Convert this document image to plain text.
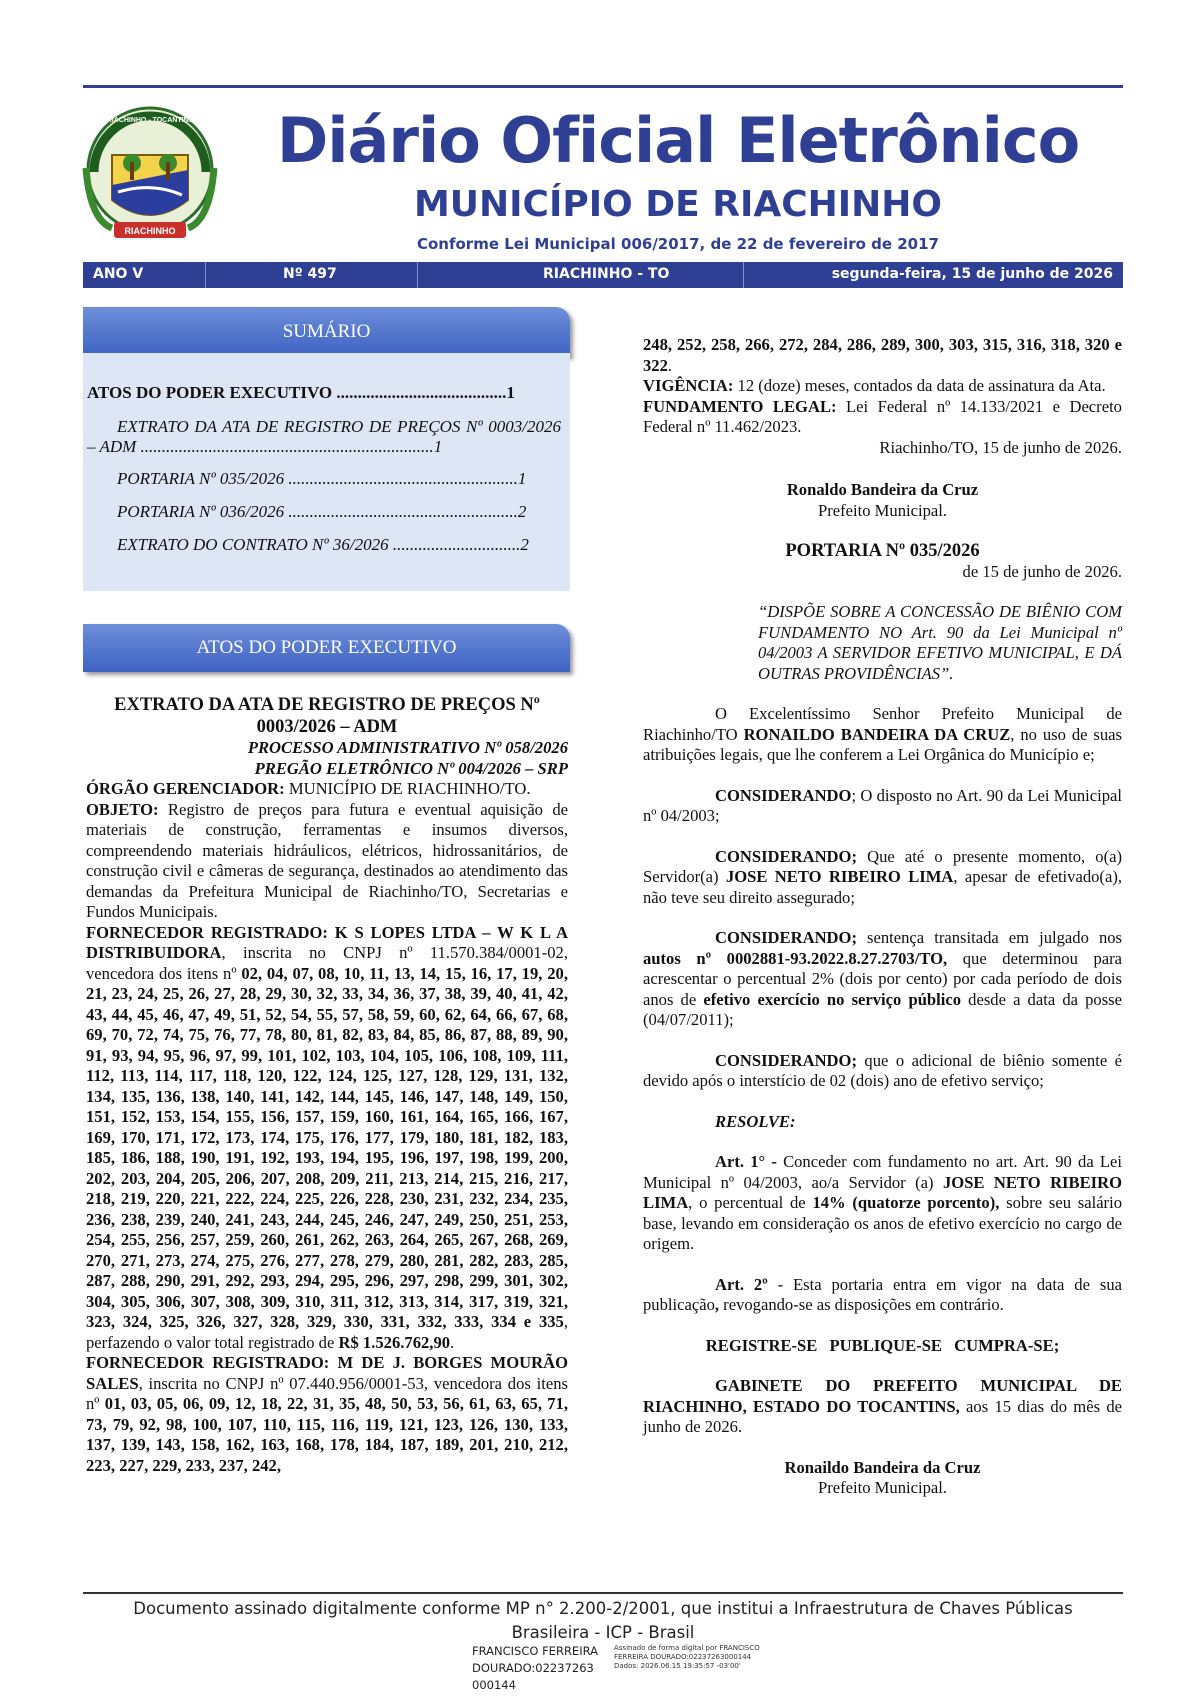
RIACHINHO
RIACHINHO - TOCANTINS	Diário Oficial Eletrônico
MUNICÍPIO DE RIACHINHO
Conforme Lei Municipal 006/2017, de 22 de fevereiro de 2017
ANO V	Nº 497	RIACHINHO - TO	segunda-feira, 15 de junho de 2026
SUMÁRIO
ATOS DO PODER EXECUTIVO ........................................1
EXTRATO DA ATA DE REGISTRO DE PREÇOS Nº 0003/2026 – ADM .....................................................................1
PORTARIA Nº 035/2026 ......................................................1
PORTARIA Nº 036/2026 ......................................................2
EXTRATO DO CONTRATO Nº 36/2026 ..............................2
ATOS DO PODER EXECUTIVO

EXTRATO DA ATA DE REGISTRO DE PREÇOS Nº 0003/2026 – ADM

PROCESSO ADMINISTRATIVO Nº 058/2026

PREGÃO ELETRÔNICO Nº 004/2026 – SRP

ÓRGÃO GERENCIADOR: MUNICÍPIO DE RIACHINHO/TO.

OBJETO: Registro de preços para futura e eventual aquisição de materiais de construção, ferramentas e insumos diversos, compreendendo materiais hidráulicos, elétricos, hidrossanitários, de construção civil e câmeras de segurança, destinados ao atendimento das demandas da Prefeitura Municipal de Riachinho/TO, Secretarias e Fundos Municipais.

FORNECEDOR REGISTRADO: K S LOPES LTDA – W K L A DISTRIBUIDORA, inscrita no CNPJ nº 11.570.384/0001-02, vencedora dos itens nº 02, 04, 07, 08, 10, 11, 13, 14, 15, 16, 17, 19, 20, 21, 23, 24, 25, 26, 27, 28, 29, 30, 32, 33, 34, 36, 37, 38, 39, 40, 41, 42, 43, 44, 45, 46, 47, 49, 51, 52, 54, 55, 57, 58, 59, 60, 62, 64, 66, 67, 68, 69, 70, 72, 74, 75, 76, 77, 78, 80, 81, 82, 83, 84, 85, 86, 87, 88, 89, 90, 91, 93, 94, 95, 96, 97, 99, 101, 102, 103, 104, 105, 106, 108, 109, 111, 112, 113, 114, 117, 118, 120, 122, 124, 125, 127, 128, 129, 131, 132, 134, 135, 136, 138, 140, 141, 142, 144, 145, 146, 147, 148, 149, 150, 151, 152, 153, 154, 155, 156, 157, 159, 160, 161, 164, 165, 166, 167, 169, 170, 171, 172, 173, 174, 175, 176, 177, 179, 180, 181, 182, 183, 185, 186, 188, 190, 191, 192, 193, 194, 195, 196, 197, 198, 199, 200, 202, 203, 204, 205, 206, 207, 208, 209, 211, 213, 214, 215, 216, 217, 218, 219, 220, 221, 222, 224, 225, 226, 228, 230, 231, 232, 234, 235, 236, 238, 239, 240, 241, 243, 244, 245, 246, 247, 249, 250, 251, 253, 254, 255, 256, 257, 259, 260, 261, 262, 263, 264, 265, 267, 268, 269, 270, 271, 273, 274, 275, 276, 277, 278, 279, 280, 281, 282, 283, 285, 287, 288, 290, 291, 292, 293, 294, 295, 296, 297, 298, 299, 301, 302, 304, 305, 306, 307, 308, 309, 310, 311, 312, 313, 314, 317, 319, 321, 323, 324, 325, 326, 327, 328, 329, 330, 331, 332, 333, 334 e 335, perfazendo o valor total registrado de R$ 1.526.762,90.

FORNECEDOR REGISTRADO: M DE J. BORGES MOURÃO SALES, inscrita no CNPJ nº 07.440.956/0001-53, vencedora dos itens nº 01, 03, 05, 06, 09, 12, 18, 22, 31, 35, 48, 50, 53, 56, 61, 63, 65, 71, 73, 79, 92, 98, 100, 107, 110, 115, 116, 119, 121, 123, 126, 130, 133, 137, 139, 143, 158, 162, 163, 168, 178, 184, 187, 189, 201, 210, 212, 223, 227, 229, 233, 237, 242,

248, 252, 258, 266, 272, 284, 286, 289, 300, 303, 315, 316, 318, 320 e 322.

VIGÊNCIA: 12 (doze) meses, contados da data de assinatura da Ata.

FUNDAMENTO LEGAL: Lei Federal nº 14.133/2021 e Decreto Federal nº 11.462/2023.

Riachinho/TO, 15 de junho de 2026.

Ronaldo Bandeira da Cruz

Prefeito Municipal.

PORTARIA Nº 035/2026

de 15 de junho de 2026.

“DISPÕE SOBRE A CONCESSÃO DE BIÊNIO COM FUNDAMENTO NO Art. 90 da Lei Municipal nº 04/2003 A SERVIDOR EFETIVO MUNICIPAL, E DÁ OUTRAS PROVIDÊNCIAS”.

O Excelentíssimo Senhor Prefeito Municipal de Riachinho/TO RONAILDO BANDEIRA DA CRUZ, no uso de suas atribuições legais, que lhe conferem a Lei Orgânica do Município e;

CONSIDERANDO; O disposto no Art. 90 da Lei Municipal nº 04/2003;

CONSIDERANDO; Que até o presente momento, o(a) Servidor(a) JOSE NETO RIBEIRO LIMA, apesar de efetivado(a), não teve seu direito assegurado;

CONSIDERANDO; sentença transitada em julgado nos autos nº 0002881-93.2022.8.27.2703/TO, que determinou para acrescentar o percentual 2% (dois por cento) por cada período de dois anos de efetivo exercício no serviço público desde a data da posse (04/07/2011);

CONSIDERANDO; que o adicional de biênio somente é devido após o interstício de 02 (dois) ano de efetivo serviço;

RESOLVE:

Art. 1° - Conceder com fundamento no art. Art. 90 da Lei Municipal nº 04/2003, ao/a Servidor (a) JOSE NETO RIBEIRO LIMA, o percentual de 14% (quatorze porcento), sobre seu salário base, levando em consideração os anos de efetivo exercício no cargo de origem.

Art. 2º - Esta portaria entra em vigor na data de sua publicação, revogando-se as disposições em contrário.

REGISTRE-SE PUBLIQUE-SE CUMPRA-SE;

GABINETE DO PREFEITO MUNICIPAL DE RIACHINHO, ESTADO DO TOCANTINS, aos 15 dias do mês de junho de 2026.

Ronaildo Bandeira da Cruz

Prefeito Municipal.

Documento assinado digitalmente conforme MP n° 2.200-2/2001, que institui a Infraestrutura de Chaves Públicas
Brasileira - ICP - Brasil
FRANCISCO FERREIRA DOURADO:02237263 000144
Assinado de forma digital por FRANCISCO FERREIRA DOURADO:02237263000144 Dados: 2026.06.15 19:35:57 -03'00'
